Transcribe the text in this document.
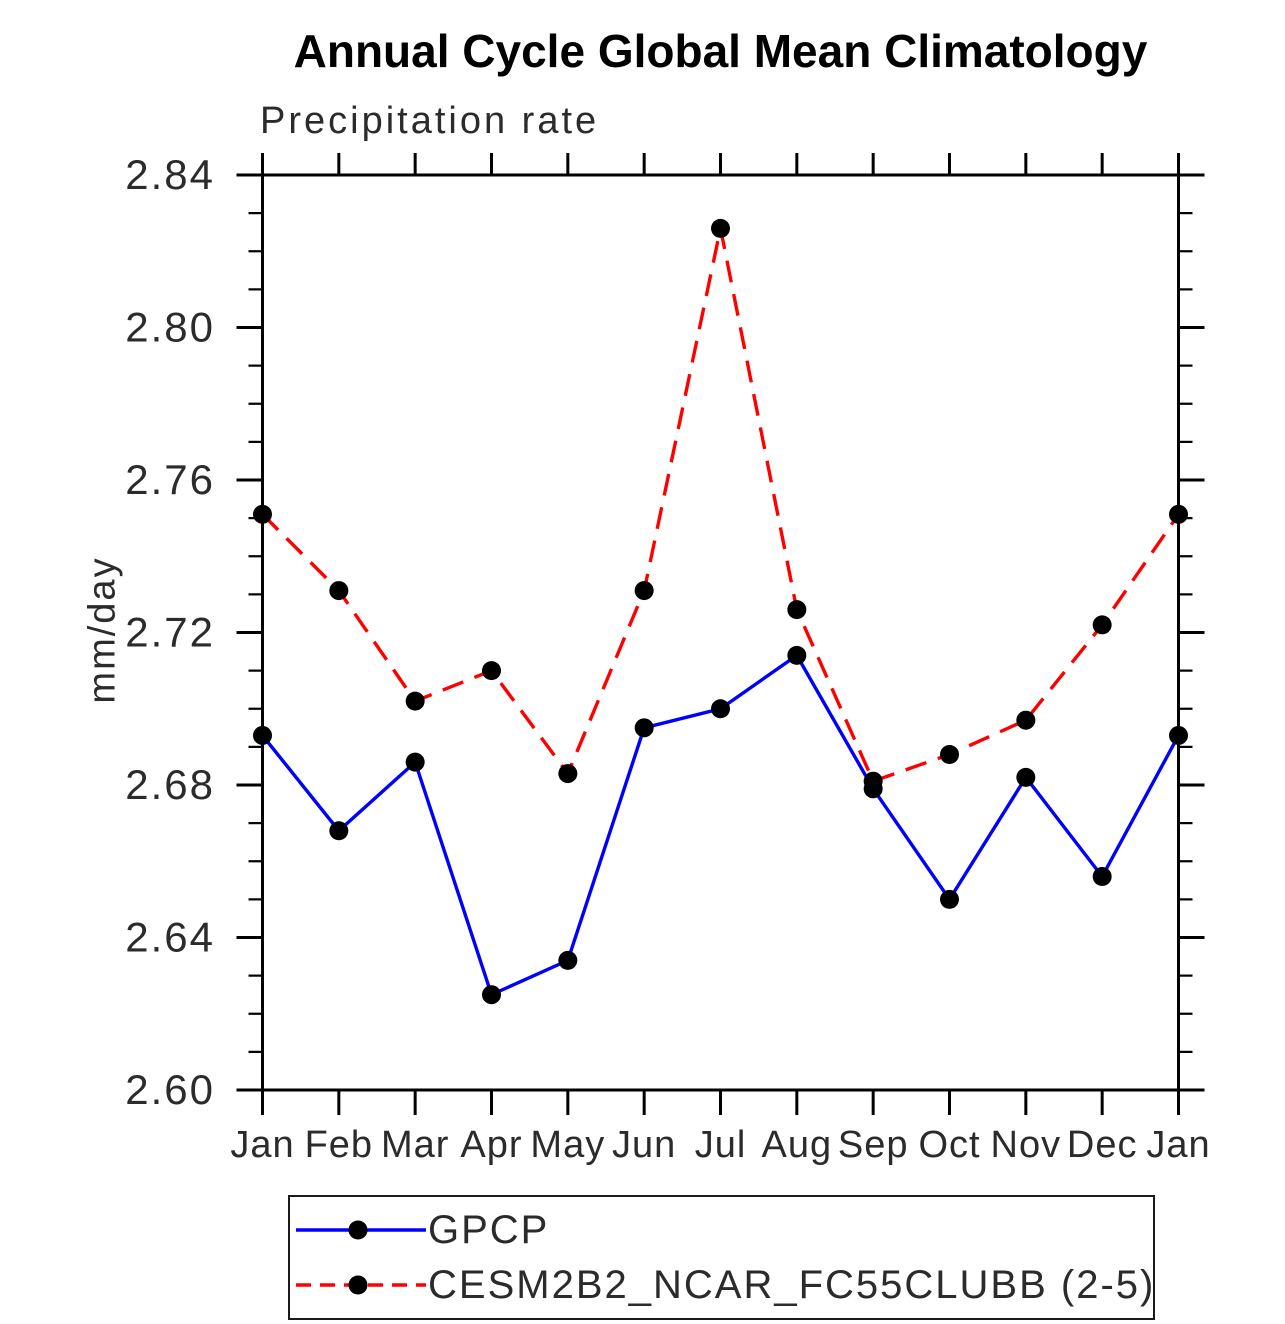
Annual Cycle Global Mean Climatology
Precipitation rate
mm/day
2.60
2.64
2.68
2.72
2.76
2.80
2.84
Jan Feb Mar Apr May Jun Jul Aug Sep Oct Nov Dec Jan
GPCP
CESM2B2_NCAR_FC55CLUBB (2-5)
